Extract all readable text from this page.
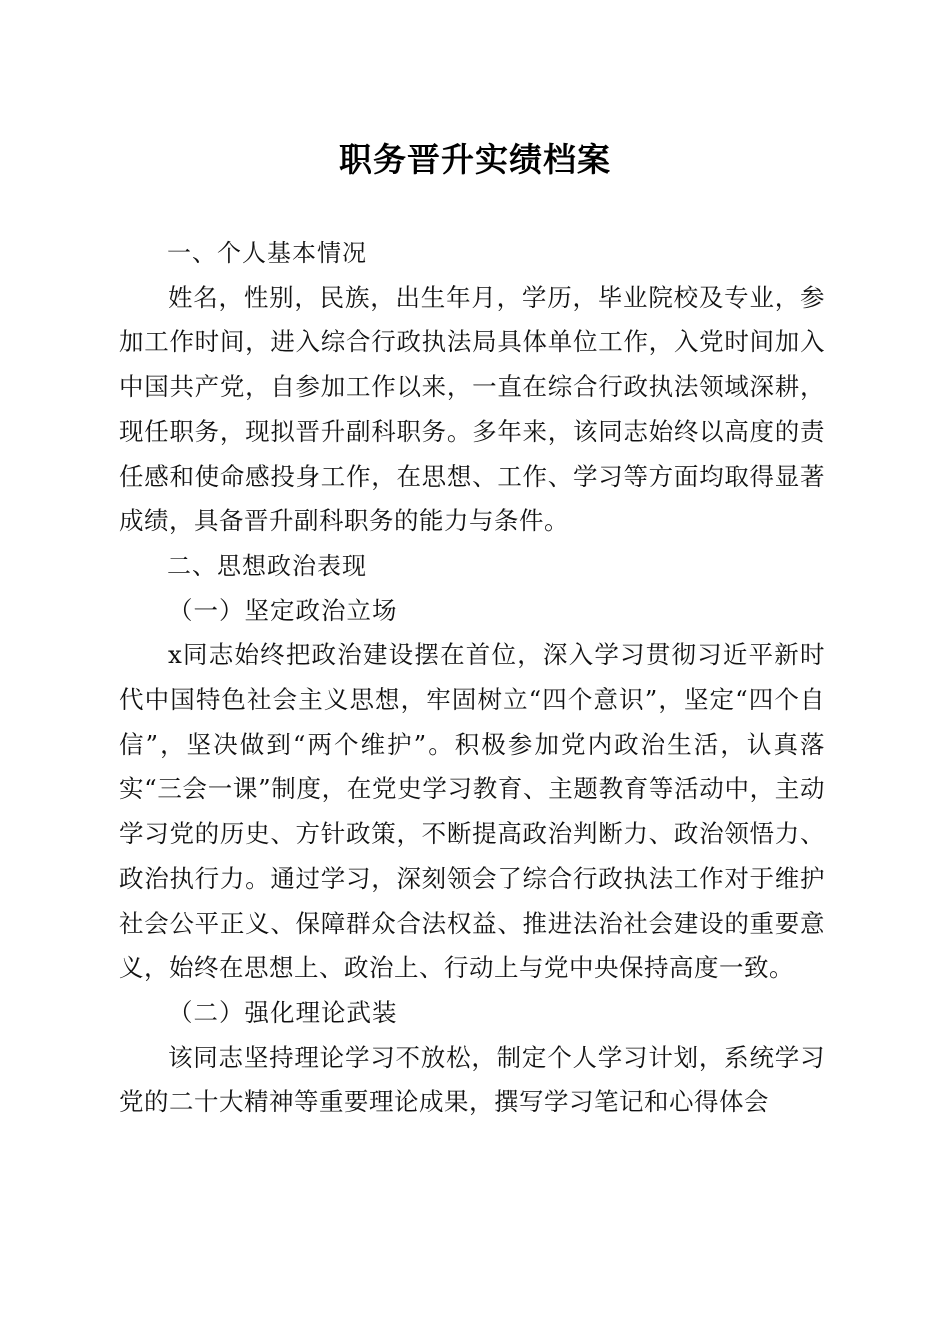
职务晋升实绩档案

一、个人基本情况

姓名，性别，民族，出生年月，学历，毕业院校及专业，参加工作时间，进入综合行政执法局具体单位工作，入党时间加入中国共产党，自参加工作以来，一直在综合行政执法领域深耕，现任职务，现拟晋升副科职务。多年来，该同志始终以高度的责任感和使命感投身工作，在思想、工作、学习等方面均取得显著成绩，具备晋升副科职务的能力与条件。

二、思想政治表现

（一）坚定政治立场

x同志始终把政治建设摆在首位，深入学习贯彻习近平新时代中国特色社会主义思想，牢固树立“四个意识”，坚定“四个自信”，坚决做到“两个维护”。积极参加党内政治生活，认真落实“三会一课”制度，在党史学习教育、主题教育等活动中，主动学习党的历史、方针政策，不断提高政治判断力、政治领悟力、政治执行力。通过学习，深刻领会了综合行政执法工作对于维护社会公平正义、保障群众合法权益、推进法治社会建设的重要意义，始终在思想上、政治上、行动上与党中央保持高度一致。

（二）强化理论武装

该同志坚持理论学习不放松，制定个人学习计划，系统学习党的二十大精神等重要理论成果，撰写学习笔记和心得体会
